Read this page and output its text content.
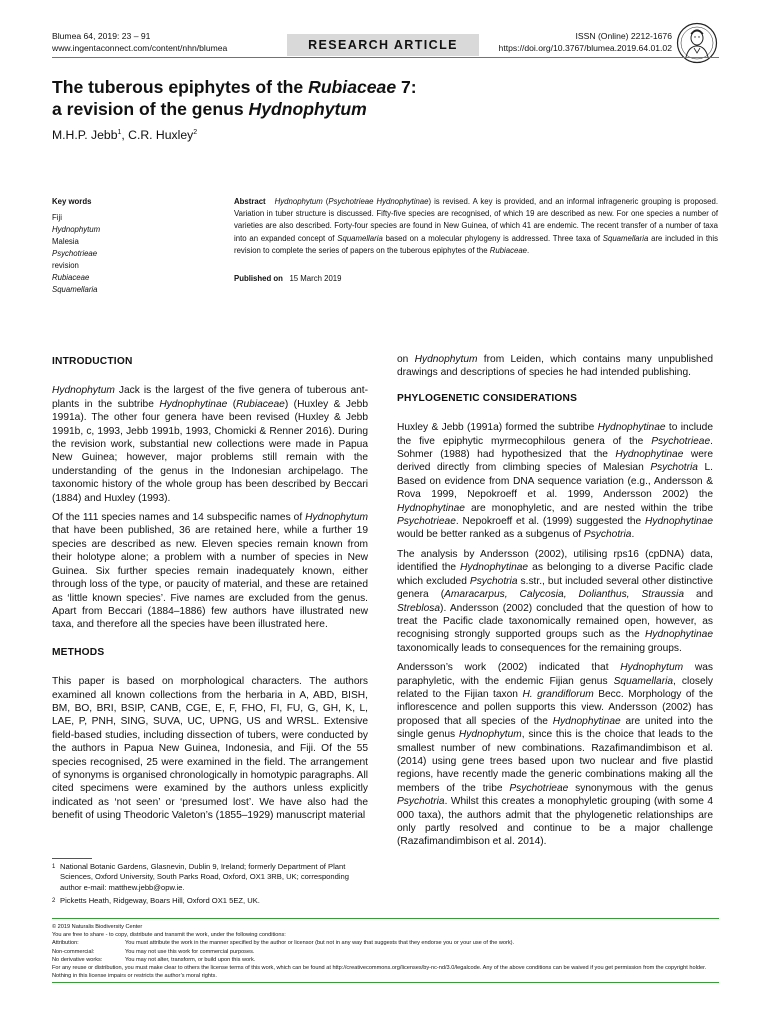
Blumea 64, 2019: 23 – 91
www.ingentaconnect.com/content/nhn/blumea	RESEARCH ARTICLE
ISSN (Online) 2212-1676
https://doi.org/10.3767/blumea.2019.64.01.02
The tuberous epiphytes of the Rubiaceae 7:
a revision of the genus Hydnophytum
M.H.P. Jebb$^1$, C.R. Huxley$^2$
Key words
Fiji
Hydnophytum
Malesia
Psychotrieae
revision
Rubiaceae
Squamellaria
Abstract Hydnophytum (Psychotrieae Hydnophytinae) is revised. A key is provided, and an informal infrageneric grouping is proposed. Variation in tuber structure is discussed. Fifty-five species are recognised, of which 19 are described as new. For one species a number of varieties are also described. Forty-four species are found in New Guinea, of which 41 are endemic. The recent transfer of a number of taxa into an expanded concept of Squamellaria based on a molecular phylogeny is addressed. Three taxa of Squamellaria are included in this revision to complete the series of papers on the tuberous epiphytes of the Rubiaceae.
Published on 15 March 2019
INTRODUCTION

Hydnophytum Jack is the largest of the five genera of tuberous ant-plants in the subtribe Hydnophytinae (Rubiaceae) (Huxley & Jebb 1991a). The other four genera have been revised (Huxley & Jebb 1991b, c, 1993, Jebb 1991b, 1993, Chomicki & Renner 2016). During the revision work, substantial new collections were made in Papua New Guinea; however, major problems still remain with the understanding of the genus in the Indonesian archipelago. The taxonomic history of the whole group has been described by Beccari (1884) and Huxley (1993).

Of the 111 species names and 14 subspecific names of Hydnophytum that have been published, 36 are retained here, while a further 19 species are described as new. Eleven species remain known from their holotype alone; a problem with a number of species in New Guinea. Six further species remain inadequately known, either through loss of the type, or paucity of material, and these are retained as ‘little known species’. Five names are excluded from the genus. Apart from Beccari (1884–1886) few authors have illustrated new taxa, and therefore all the species have been illustrated here.

METHODS

This paper is based on morphological characters. The authors examined all known collections from the herbaria in A, ABD, BISH, BM, BO, BRI, BSIP, CANB, CGE, E, F, FHO, FI, FU, G, GH, K, L, LAE, P, PNH, SING, SUVA, UC, UPNG, US and WRSL. Extensive field-based studies, including dissection of tubers, were conducted by the authors in Papua New Guinea, Indonesia, and Fiji. Of the 55 species recognised, 25 were examined in the field. The arrangement of synonyms is organised chronologically in homotypic paragraphs. All cited specimens were examined by the authors unless explicitly indicated as ‘not seen’ or ‘presumed lost’. We have also had the benefit of using Theodoric Valeton’s (1855–1929) manuscript material

on Hydnophytum from Leiden, which contains many unpublished drawings and descriptions of species he had intended publishing.

PHYLOGENETIC CONSIDERATIONS

Huxley & Jebb (1991a) formed the subtribe Hydnophytinae to include the five epiphytic myrmecophilous genera of the Psychotrieae. Sohmer (1988) had hypothesized that the Hydnophytinae were derived directly from climbing species of Malesian Psychotria L. Based on evidence from DNA sequence variation (e.g., Andersson & Rova 1999, Nepokroeff et al. 1999, Andersson 2002) the Hydnophytinae are monophyletic, and are nested within the tribe Psychotrieae. Nepokroeff et al. (1999) suggested the Hydnophytinae would be better ranked as a subgenus of Psychotria.

The analysis by Andersson (2002), utilising rps16 (cpDNA) data, identified the Hydnophytinae as belonging to a diverse Pacific clade which excluded Psychotria s.str., but included several other distinctive genera (Amaracarpus, Calycosia, Dolianthus, Straussia and Streblosa). Andersson (2002) concluded that the question of how to treat the Pacific clade taxonomically remained open, however, as recognising strongly supported groups such as the Hydnophytinae taxonomically leads to consequences for the remaining groups.

Andersson’s work (2002) indicated that Hydnophytum was paraphyletic, with the endemic Fijian genus Squamellaria, closely related to the Fijian taxon H. grandiflorum Becc. Morphology of the inflorescence and pollen supports this view. Andersson (2002) has proposed that all species of the Hydnophytinae are united into the single genus Hydnophytum, since this is the choice that leads to the smallest number of new combinations. Razafimandimbison et al. (2014) using gene trees based upon two nuclear and five plastid regions, have recently made the generic combinations making all the members of the tribe Psychotrieae synonymous with the genus Psychotria. Whilst this creates a monophyletic grouping (with some 4 000 taxa), the authors admit that the phylogenetic relationships are only partly resolved and continue to be a major challenge (Razafimandimbison et al. 2014).

1 National Botanic Gardens, Glasnevin, Dublin 9, Ireland; formerly Department of Plant Sciences, Oxford University, South Parks Road, Oxford, OX1 3RB, UK; corresponding author e-mail: matthew.jebb@opw.ie.
2 Picketts Heath, Ridgeway, Boars Hill, Oxford OX1 5EZ, UK.
© 2019 Naturalis Biodiversity Center
You are free to share - to copy, distribute and transmit the work, under the following conditions:
Attribution:	You must attribute the work in the manner specified by the author or licensor (but not in any way that suggests that they endorse you or your use of the work).
Non-commercial:	You may not use this work for commercial purposes.
No derivative works:	You may not alter, transform, or build upon this work.
For any reuse or distribution, you must make clear to others the license terms of this work, which can be found at http://creativecommons.org/licenses/by-nc-nd/3.0/legalcode. Any of the above conditions can be waived if you get permission from the copyright holder. Nothing in this license impairs or restricts the author’s moral rights.
